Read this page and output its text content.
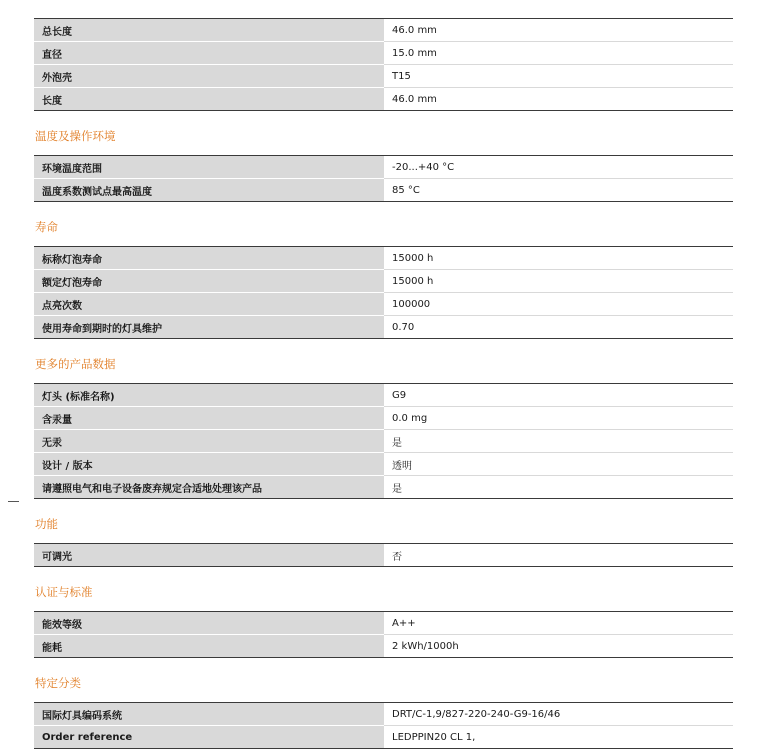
总长度	46.0 mm
直径	15.0 mm
外泡壳	T15
长度	46.0 mm
温度及操作环境
环境温度范围	-20...+40 °C
温度系数测试点最高温度	85 °C
寿命
标称灯泡寿命	15000 h
额定灯泡寿命	15000 h
点亮次数	100000
使用寿命到期时的灯具维护	0.70
更多的产品数据
灯头 (标准名称)	G9
含汞量	0.0 mg
无汞	是
设计 / 版本	透明
请遵照电气和电子设备废弃规定合适地处理该产品	是
功能
可调光	否
认证与标准
能效等级	A++
能耗	2 kWh/1000h
特定分类
国际灯具编码系统	DRT/C-1,9/827-220-240-G9-16/46
Order reference	LEDPPIN20 CL 1,
